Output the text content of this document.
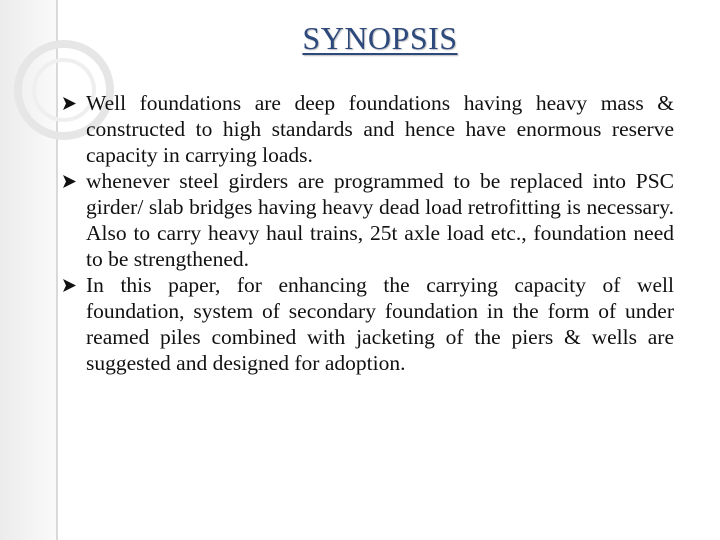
SYNOPSIS
Well foundations are deep foundations having heavy mass & constructed to high standards and hence have enormous reserve capacity in carrying loads.
whenever steel girders are programmed to be replaced into PSC girder/ slab bridges having heavy dead load retrofitting is necessary. Also to carry heavy haul trains, 25t axle load etc., foundation need to be strengthened.
In this paper, for enhancing the carrying capacity of well foundation, system of secondary foundation in the form of under reamed piles combined with jacketing of the piers & wells are suggested and designed for adoption.
